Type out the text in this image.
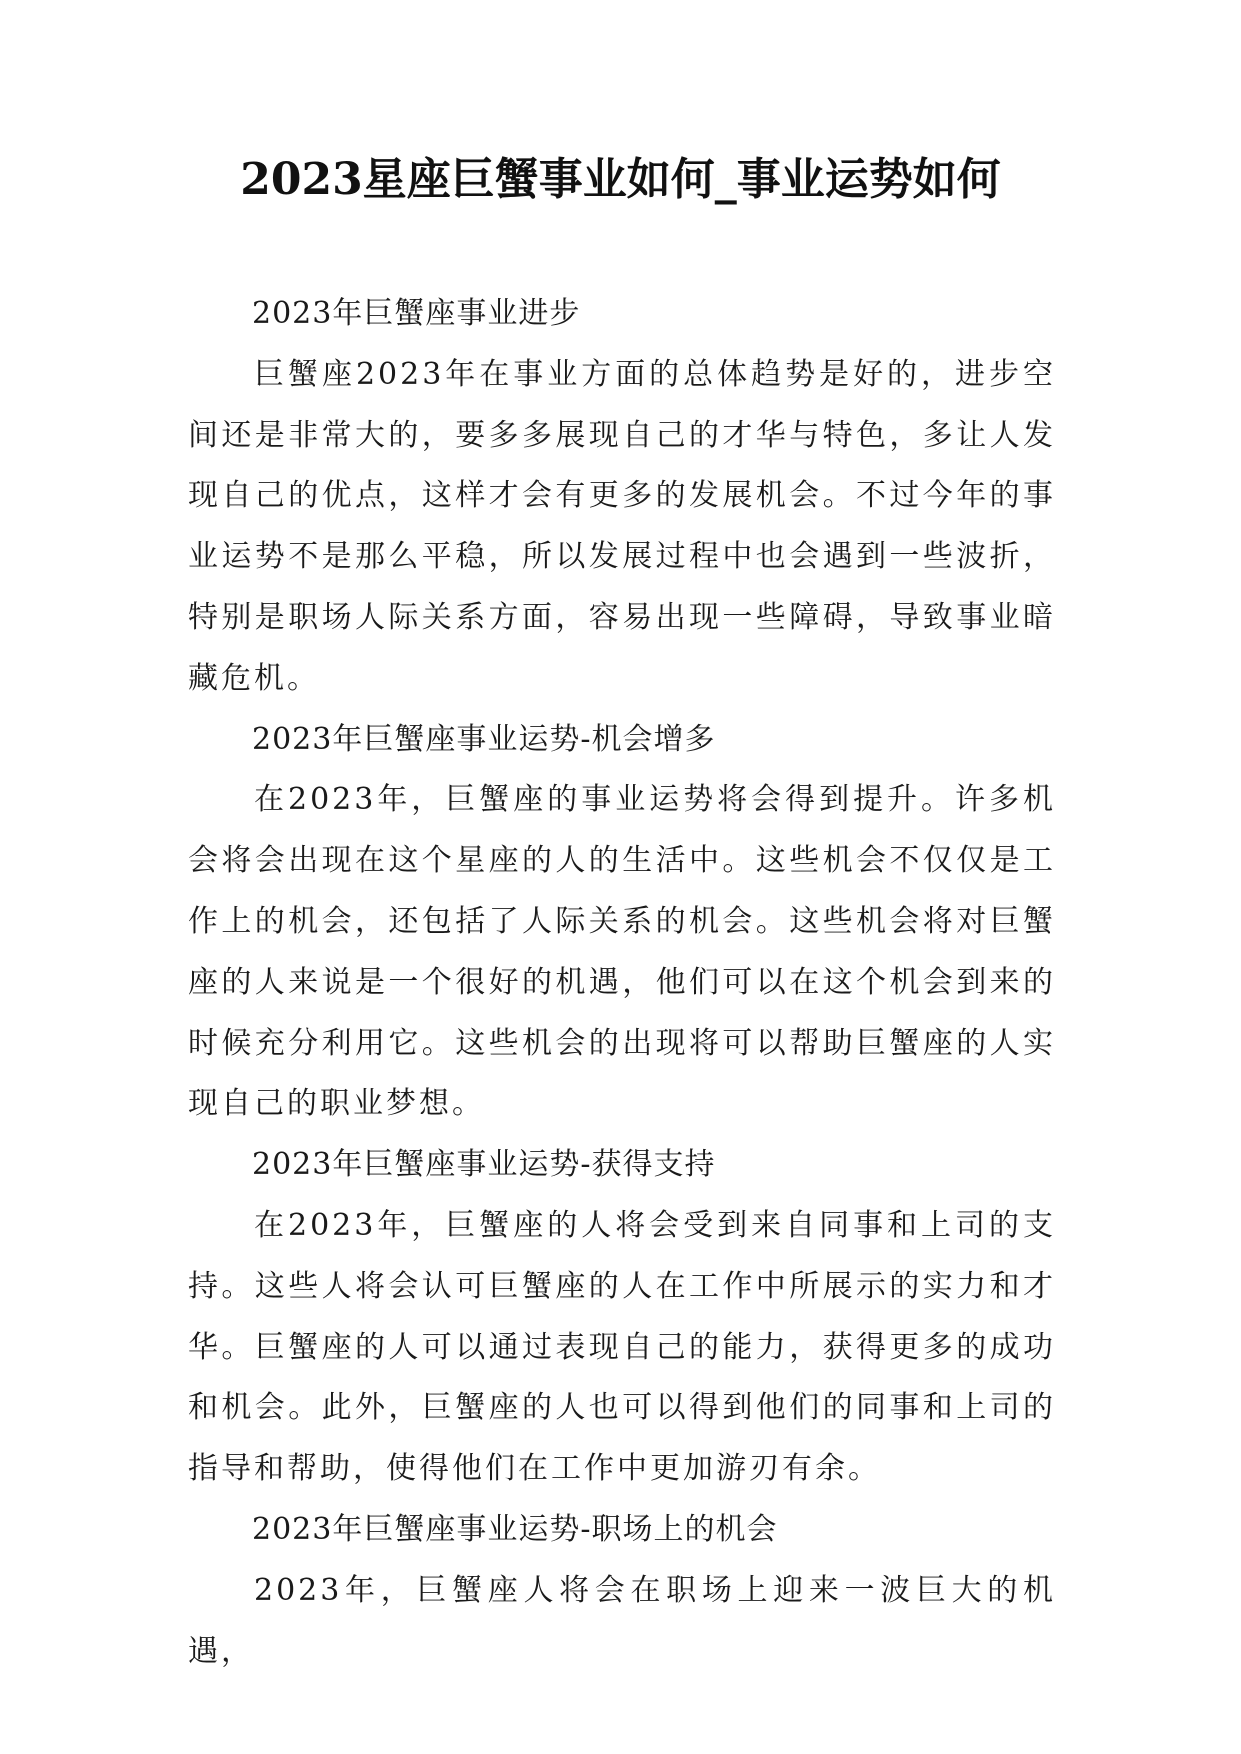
2023星座巨蟹事业如何_事业运势如何

2023年巨蟹座事业进步

巨蟹座2023年在事业方面的总体趋势是好的，进步空间还是非常大的，要多多展现自己的才华与特色，多让人发现自己的优点，这样才会有更多的发展机会。不过今年的事业运势不是那么平稳，所以发展过程中也会遇到一些波折，特别是职场人际关系方面，容易出现一些障碍，导致事业暗藏危机。

2023年巨蟹座事业运势-机会增多

在2023年，巨蟹座的事业运势将会得到提升。许多机会将会出现在这个星座的人的生活中。这些机会不仅仅是工作上的机会，还包括了人际关系的机会。这些机会将对巨蟹座的人来说是一个很好的机遇，他们可以在这个机会到来的时候充分利用它。这些机会的出现将可以帮助巨蟹座的人实现自己的职业梦想。

2023年巨蟹座事业运势-获得支持

在2023年，巨蟹座的人将会受到来自同事和上司的支持。这些人将会认可巨蟹座的人在工作中所展示的实力和才华。巨蟹座的人可以通过表现自己的能力，获得更多的成功和机会。此外，巨蟹座的人也可以得到他们的同事和上司的指导和帮助，使得他们在工作中更加游刃有余。

2023年巨蟹座事业运势-职场上的机会

2023年，巨蟹座人将会在职场上迎来一波巨大的机遇，
